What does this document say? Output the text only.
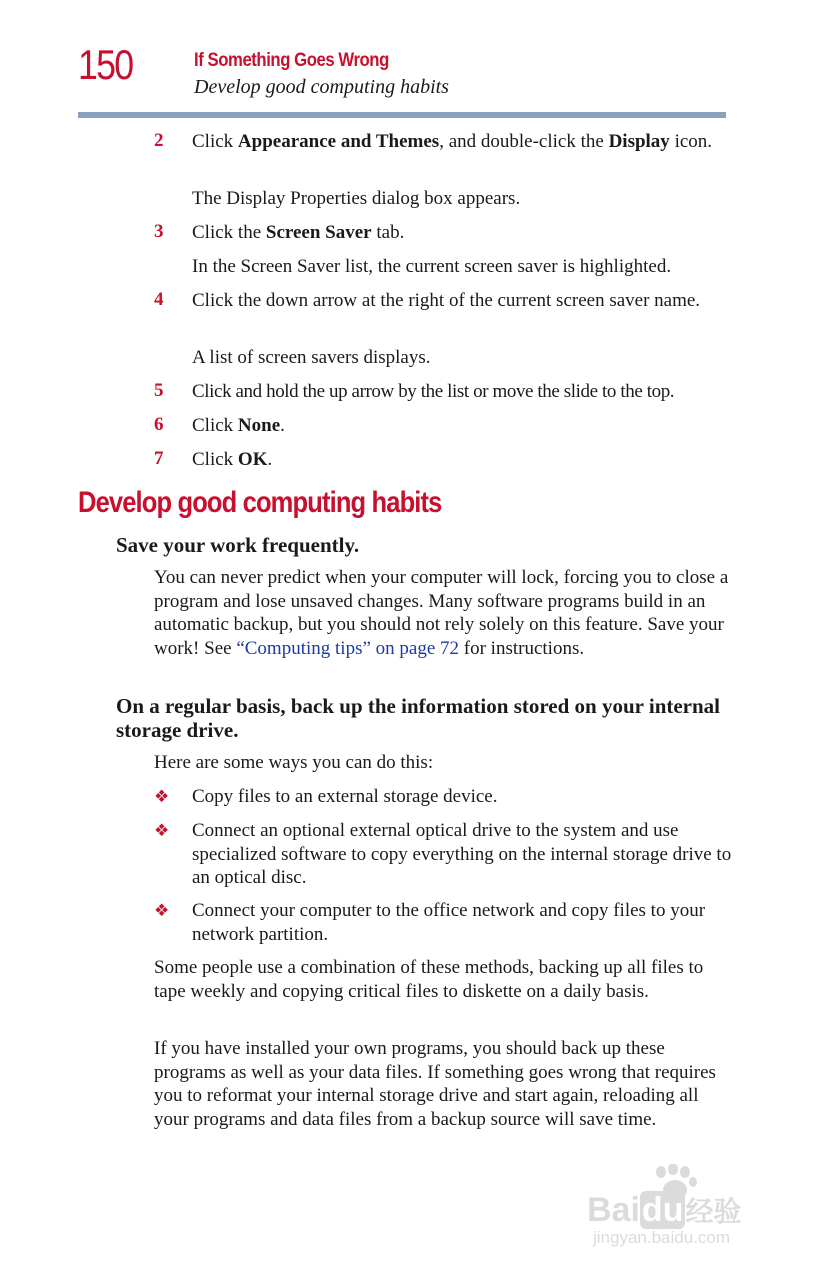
150	If Something Goes Wrong
Develop good computing habits
2 Click Appearance and Themes, and double-click the Display icon.
The Display Properties dialog box appears.
3 Click the Screen Saver tab.
In the Screen Saver list, the current screen saver is highlighted.
4 Click the down arrow at the right of the current screen saver name.
A list of screen savers displays.
5 Click and hold the up arrow by the list or move the slide to the top.
6 Click None.
7 Click OK.
Develop good computing habits
Save your work frequently.
You can never predict when your computer will lock, forcing you to close a program and lose unsaved changes. Many software programs build in an automatic backup, but you should not rely solely on this feature. Save your work! See “Computing tips” on page 72 for instructions.
On a regular basis, back up the information stored on your internal storage drive.
Here are some ways you can do this:
❖ Copy files to an external storage device.
❖ Connect an optional external optical drive to the system and use specialized software to copy everything on the internal storage drive to an optical disc.
❖ Connect your computer to the office network and copy files to your network partition.
Some people use a combination of these methods, backing up all files to tape weekly and copying critical files to diskette on a daily basis.
If you have installed your own programs, you should back up these programs as well as your data files. If something goes wrong that requires you to reformat your internal storage drive and start again, reloading all your programs and data files from a backup source will save time.
Baidu经验
jingyan.baidu.com
